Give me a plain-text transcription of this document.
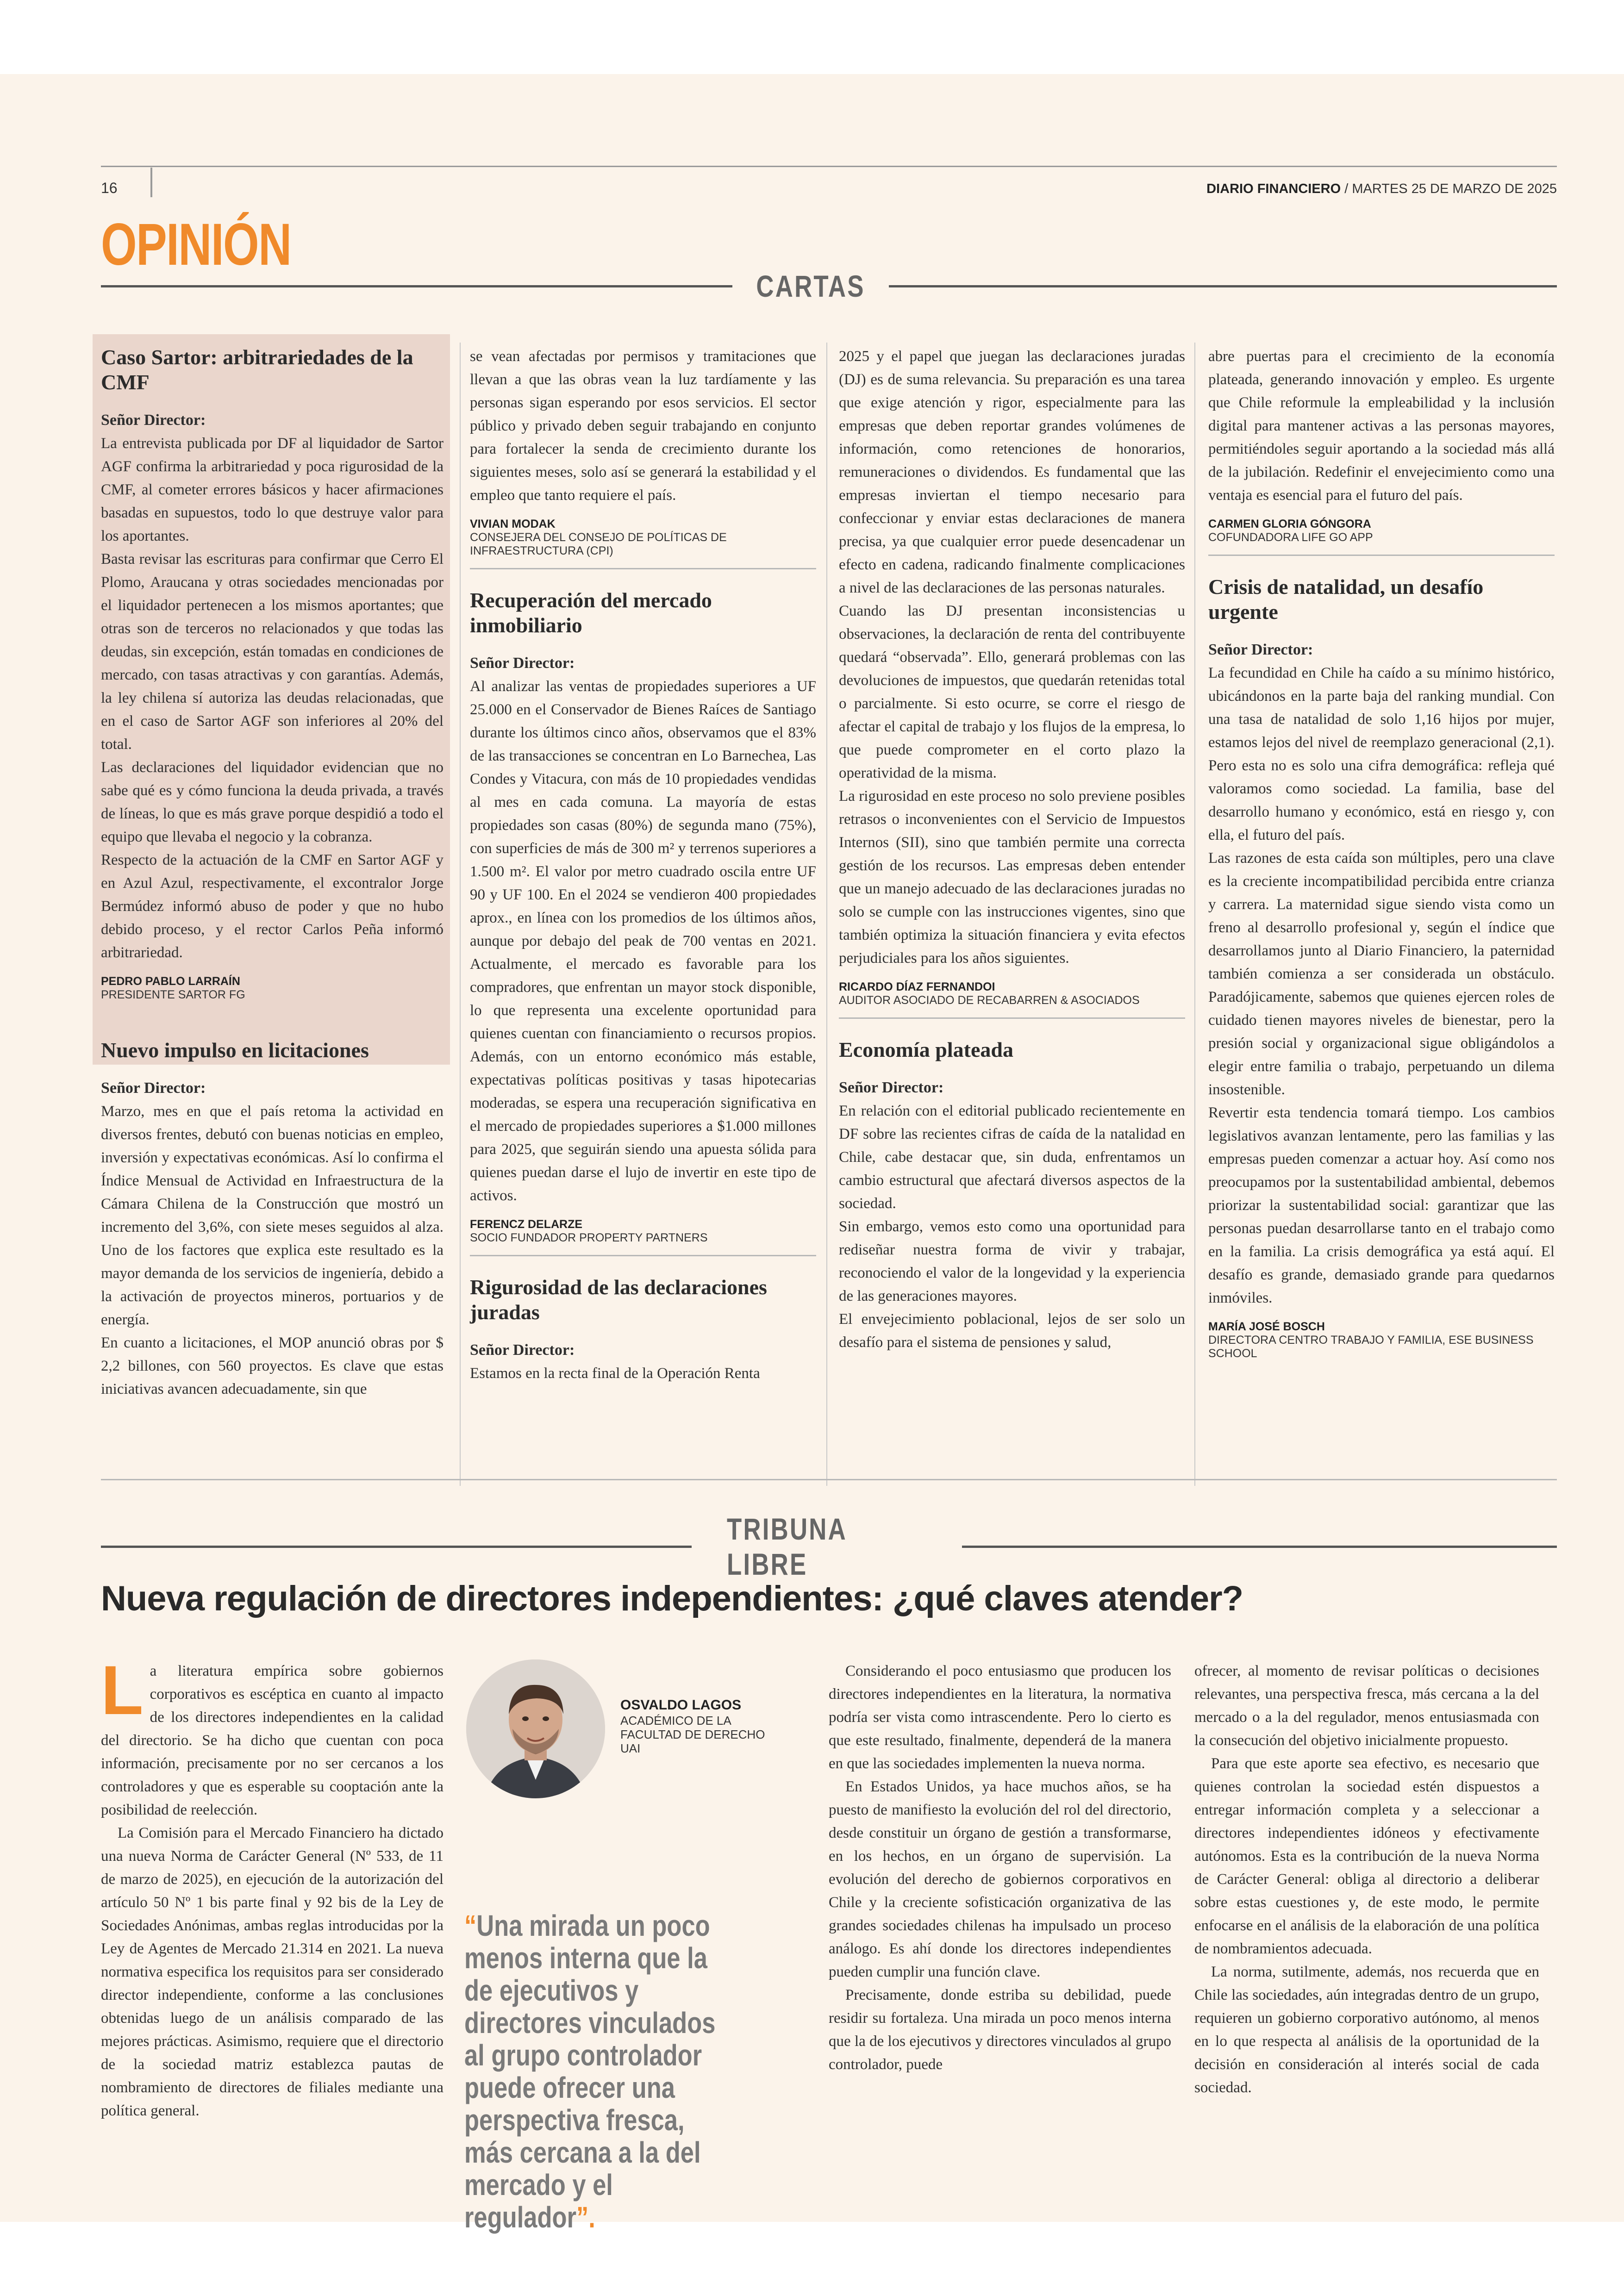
16	DIARIO FINANCIERO / MARTES 25 DE MARZO DE 2025
OPINIÓN
CARTAS
Caso Sartor: arbitrariedades de la CMF
Señor Director:

La entrevista publicada por DF al liquidador de Sartor AGF confirma la arbitrariedad y poca rigurosidad de la CMF, al cometer errores básicos y hacer afirmaciones basadas en supuestos, todo lo que destruye valor para los aportantes.

Basta revisar las escrituras para confirmar que Cerro El Plomo, Araucana y otras sociedades mencionadas por el liquidador pertenecen a los mismos aportantes; que otras son de terceros no relacionados y que todas las deudas, sin excepción, están tomadas en condiciones de mercado, con tasas atractivas y con garantías. Además, la ley chilena sí autoriza las deudas relacionadas, que en el caso de Sartor AGF son inferiores al 20% del total.

Las declaraciones del liquidador evidencian que no sabe qué es y cómo funciona la deuda privada, a través de líneas, lo que es más grave porque despidió a todo el equipo que llevaba el negocio y la cobranza.

Respecto de la actuación de la CMF en Sartor AGF y en Azul Azul, respectivamente, el excontralor Jorge Bermúdez informó abuso de poder y que no hubo debido proceso, y el rector Carlos Peña informó arbitrariedad.

PEDRO PABLO LARRAÍN
PRESIDENTE SARTOR FG
Nuevo impulso en licitaciones
Señor Director:

Marzo, mes en que el país retoma la actividad en diversos frentes, debutó con buenas noticias en empleo, inversión y expectativas económicas. Así lo confirma el Índice Mensual de Actividad en Infraestructura de la Cámara Chilena de la Construcción que mostró un incremento del 3,6%, con siete meses seguidos al alza. Uno de los factores que explica este resultado es la mayor demanda de los servicios de ingeniería, debido a la activación de proyectos mineros, portuarios y de energía.

En cuanto a licitaciones, el MOP anunció obras por $ 2,2 billones, con 560 proyectos. Es clave que estas iniciativas avancen adecuadamente, sin que

se vean afectadas por permisos y tramitaciones que llevan a que las obras vean la luz tardíamente y las personas sigan esperando por esos servicios. El sector público y privado deben seguir trabajando en conjunto para fortalecer la senda de crecimiento durante los siguientes meses, solo así se generará la estabilidad y el empleo que tanto requiere el país.

VIVIAN MODAK
CONSEJERA DEL CONSEJO DE POLÍTICAS DE INFRAESTRUCTURA (CPI)
Recuperación del mercado inmobiliario
Señor Director:

Al analizar las ventas de propiedades superiores a UF 25.000 en el Conservador de Bienes Raíces de Santiago durante los últimos cinco años, observamos que el 83% de las transacciones se concentran en Lo Barnechea, Las Condes y Vitacura, con más de 10 propiedades vendidas al mes en cada comuna. La mayoría de estas propiedades son casas (80%) de segunda mano (75%), con superficies de más de 300 m² y terrenos superiores a 1.500 m². El valor por metro cuadrado oscila entre UF 90 y UF 100. En el 2024 se vendieron 400 propiedades aprox., en línea con los promedios de los últimos años, aunque por debajo del peak de 700 ventas en 2021. Actualmente, el mercado es favorable para los compradores, que enfrentan un mayor stock disponible, lo que representa una excelente oportunidad para quienes cuentan con financiamiento o recursos propios. Además, con un entorno económico más estable, expectativas políticas positivas y tasas hipotecarias moderadas, se espera una recuperación significativa en el mercado de propiedades superiores a $1.000 millones para 2025, que seguirán siendo una apuesta sólida para quienes puedan darse el lujo de invertir en este tipo de activos.

FERENCZ DELARZE
SOCIO FUNDADOR PROPERTY PARTNERS
Rigurosidad de las declaraciones juradas
Señor Director:

Estamos en la recta final de la Operación Renta

2025 y el papel que juegan las declaraciones juradas (DJ) es de suma relevancia. Su preparación es una tarea que exige atención y rigor, especialmente para las empresas que deben reportar grandes volúmenes de información, como retenciones de honorarios, remuneraciones o dividendos. Es fundamental que las empresas inviertan el tiempo necesario para confeccionar y enviar estas declaraciones de manera precisa, ya que cualquier error puede desencadenar un efecto en cadena, radicando finalmente complicaciones a nivel de las declaraciones de las personas naturales.

Cuando las DJ presentan inconsistencias u observaciones, la declaración de renta del contribuyente quedará “observada”. Ello, generará problemas con las devoluciones de impuestos, que quedarán retenidas total o parcialmente. Si esto ocurre, se corre el riesgo de afectar el capital de trabajo y los flujos de la empresa, lo que puede comprometer en el corto plazo la operatividad de la misma.

La rigurosidad en este proceso no solo previene posibles retrasos o inconvenientes con el Servicio de Impuestos Internos (SII), sino que también permite una correcta gestión de los recursos. Las empresas deben entender que un manejo adecuado de las declaraciones juradas no solo se cumple con las instrucciones vigentes, sino que también optimiza la situación financiera y evita efectos perjudiciales para los años siguientes.

RICARDO DÍAZ FERNANDOI
AUDITOR ASOCIADO DE RECABARREN & ASOCIADOS
Economía plateada
Señor Director:

En relación con el editorial publicado recientemente en DF sobre las recientes cifras de caída de la natalidad en Chile, cabe destacar que, sin duda, enfrentamos un cambio estructural que afectará diversos aspectos de la sociedad.

Sin embargo, vemos esto como una oportunidad para rediseñar nuestra forma de vivir y trabajar, reconociendo el valor de la longevidad y la experiencia de las generaciones mayores.

El envejecimiento poblacional, lejos de ser solo un desafío para el sistema de pensiones y salud,

abre puertas para el crecimiento de la economía plateada, generando innovación y empleo. Es urgente que Chile reformule la empleabilidad y la inclusión digital para mantener activas a las personas mayores, permitiéndoles seguir aportando a la sociedad más allá de la jubilación. Redefinir el envejecimiento como una ventaja es esencial para el futuro del país.

CARMEN GLORIA GÓNGORA
COFUNDADORA LIFE GO APP
Crisis de natalidad, un desafío urgente
Señor Director:

La fecundidad en Chile ha caído a su mínimo histórico, ubicándonos en la parte baja del ranking mundial. Con una tasa de natalidad de solo 1,16 hijos por mujer, estamos lejos del nivel de reemplazo generacional (2,1). Pero esta no es solo una cifra demográfica: refleja qué valoramos como sociedad. La familia, base del desarrollo humano y económico, está en riesgo y, con ella, el futuro del país.

Las razones de esta caída son múltiples, pero una clave es la creciente incompatibilidad percibida entre crianza y carrera. La maternidad sigue siendo vista como un freno al desarrollo profesional y, según el índice que desarrollamos junto al Diario Financiero, la paternidad también comienza a ser considerada un obstáculo. Paradójicamente, sabemos que quienes ejercen roles de cuidado tienen mayores niveles de bienestar, pero la presión social y organizacional sigue obligándolos a elegir entre familia o trabajo, perpetuando un dilema insostenible.

Revertir esta tendencia tomará tiempo. Los cambios legislativos avanzan lentamente, pero las familias y las empresas pueden comenzar a actuar hoy. Así como nos preocupamos por la sustentabilidad ambiental, debemos priorizar la sustentabilidad social: garantizar que las personas puedan desarrollarse tanto en el trabajo como en la familia. La crisis demográfica ya está aquí. El desafío es grande, demasiado grande para quedarnos inmóviles.

MARÍA JOSÉ BOSCH
DIRECTORA CENTRO TRABAJO Y FAMILIA, ESE BUSINESS SCHOOL
TRIBUNA LIBRE
Nueva regulación de directores independientes: ¿qué claves atender?

La literatura empírica sobre gobiernos corporativos es escéptica en cuanto al impacto de los directores independientes en la calidad del directorio. Se ha dicho que cuentan con poca información, precisamente por no ser cercanos a los controladores y que es esperable su cooptación ante la posibilidad de reelección.

La Comisión para el Mercado Financiero ha dictado una nueva Norma de Carácter General (Nº 533, de 11 de marzo de 2025), en ejecución de la autorización del artículo 50 Nº 1 bis parte final y 92 bis de la Ley de Sociedades Anónimas, ambas reglas introducidas por la Ley de Agentes de Mercado 21.314 en 2021. La nueva normativa especifica los requisitos para ser considerado director independiente, conforme a las conclusiones obtenidas luego de un análisis comparado de las mejores prácticas. Asimismo, requiere que el directorio de la sociedad matriz establezca pautas de nombramiento de directores de filiales mediante una política general.

OSVALDO LAGOS
ACADÉMICO DE LA FACULTAD DE DERECHO UAI
“Una mirada un poco menos interna que la de ejecutivos y directores vinculados al grupo controlador puede ofrecer una perspectiva fresca, más cercana a la del mercado y el regulador”.

Considerando el poco entusiasmo que producen los directores independientes en la literatura, la normativa podría ser vista como intrascendente. Pero lo cierto es que este resultado, finalmente, dependerá de la manera en que las sociedades implementen la nueva norma.

En Estados Unidos, ya hace muchos años, se ha puesto de manifiesto la evolución del rol del directorio, desde constituir un órgano de gestión a transformarse, en los hechos, en un órgano de supervisión. La evolución del derecho de gobiernos corporativos en Chile y la creciente sofisticación organizativa de las grandes sociedades chilenas ha impulsado un proceso análogo. Es ahí donde los directores independientes pueden cumplir una función clave.

Precisamente, donde estriba su debilidad, puede residir su fortaleza. Una mirada un poco menos interna que la de los ejecutivos y directores vinculados al grupo controlador, puede

ofrecer, al momento de revisar políticas o decisiones relevantes, una perspectiva fresca, más cercana a la del mercado o a la del regulador, menos entusiasmada con la consecución del objetivo inicialmente propuesto.

Para que este aporte sea efectivo, es necesario que quienes controlan la sociedad estén dispuestos a entregar información completa y a seleccionar a directores independientes idóneos y efectivamente autónomos. Esta es la contribución de la nueva Norma de Carácter General: obliga al directorio a deliberar sobre estas cuestiones y, de este modo, le permite enfocarse en el análisis de la elaboración de una política de nombramientos adecuada.

La norma, sutilmente, además, nos recuerda que en Chile las sociedades, aún integradas dentro de un grupo, requieren un gobierno corporativo autónomo, al menos en lo que respecta al análisis de la oportunidad de la decisión en consideración al interés social de cada sociedad.
